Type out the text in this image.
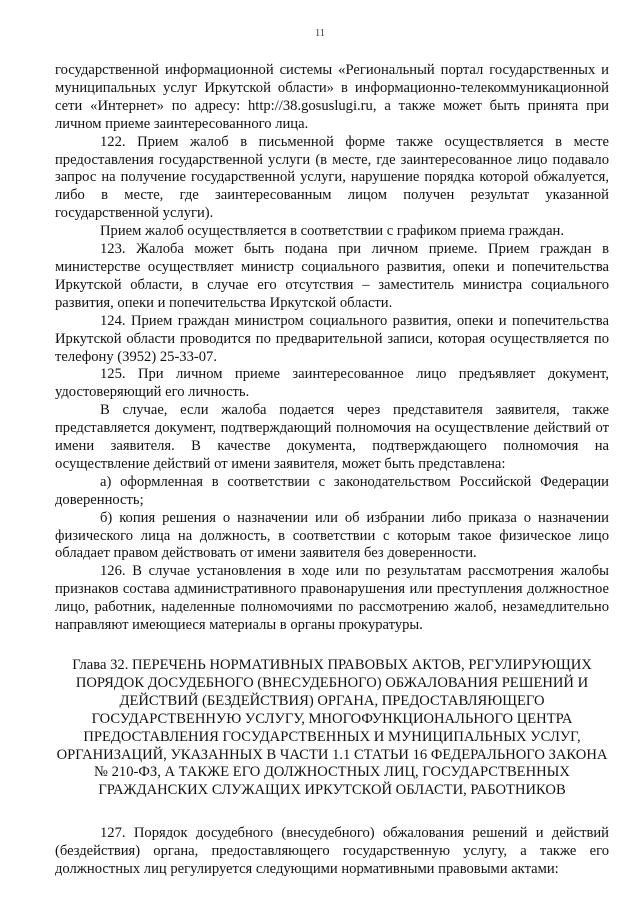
11

государственной информационной системы «Региональный портал государственных и муниципальных услуг Иркутской области» в информационно-телекоммуникационной сети «Интернет» по адресу: http://38.gosuslugi.ru, а также может быть принята при личном приеме заинтересованного лица.

122. Прием жалоб в письменной форме также осуществляется в месте предоставления государственной услуги (в месте, где заинтересованное лицо подавало запрос на получение государственной услуги, нарушение порядка которой обжалуется, либо в месте, где заинтересованным лицом получен результат указанной государственной услуги).

Прием жалоб осуществляется в соответствии с графиком приема граждан.

123. Жалоба может быть подана при личном приеме. Прием граждан в министерстве осуществляет министр социального развития, опеки и попечительства Иркутской области, в случае его отсутствия – заместитель министра социального развития, опеки и попечительства Иркутской области.

124. Прием граждан министром социального развития, опеки и попечительства Иркутской области проводится по предварительной записи, которая осуществляется по телефону (3952) 25-33-07.

125. При личном приеме заинтересованное лицо предъявляет документ, удостоверяющий его личность.

В случае, если жалоба подается через представителя заявителя, также представляется документ, подтверждающий полномочия на осуществление действий от имени заявителя. В качестве документа, подтверждающего полномочия на осуществление действий от имени заявителя, может быть представлена:

а) оформленная в соответствии с законодательством Российской Федерации доверенность;

б) копия решения о назначении или об избрании либо приказа о назначении физического лица на должность, в соответствии с которым такое физическое лицо обладает правом действовать от имени заявителя без доверенности.

126. В случае установления в ходе или по результатам рассмотрения жалобы признаков состава административного правонарушения или преступления должностное лицо, работник, наделенные полномочиями по рассмотрению жалоб, незамедлительно направляют имеющиеся материалы в органы прокуратуры.

Глава 32. ПЕРЕЧЕНЬ НОРМАТИВНЫХ ПРАВОВЫХ АКТОВ, РЕГУЛИРУЮЩИХ ПОРЯДОК ДОСУДЕБНОГО (ВНЕСУДЕБНОГО) ОБЖАЛОВАНИЯ РЕШЕНИЙ И ДЕЙСТВИЙ (БЕЗДЕЙСТВИЯ) ОРГАНА, ПРЕДОСТАВЛЯЮЩЕГО ГОСУДАРСТВЕННУЮ УСЛУГУ, МНОГОФУНКЦИОНАЛЬНОГО ЦЕНТРА ПРЕДОСТАВЛЕНИЯ ГОСУДАРСТВЕННЫХ И МУНИЦИПАЛЬНЫХ УСЛУГ, ОРГАНИЗАЦИЙ, УКАЗАННЫХ В ЧАСТИ 1.1 СТАТЬИ 16 ФЕДЕРАЛЬНОГО ЗАКОНА № 210-ФЗ, А ТАКЖЕ ЕГО ДОЛЖНОСТНЫХ ЛИЦ, ГОСУДАРСТВЕННЫХ ГРАЖДАНСКИХ СЛУЖАЩИХ ИРКУТСКОЙ ОБЛАСТИ, РАБОТНИКОВ

127. Порядок досудебного (внесудебного) обжалования решений и действий (бездействия) органа, предоставляющего государственную услугу, а также его должностных лиц регулируется следующими нормативными правовыми актами:
